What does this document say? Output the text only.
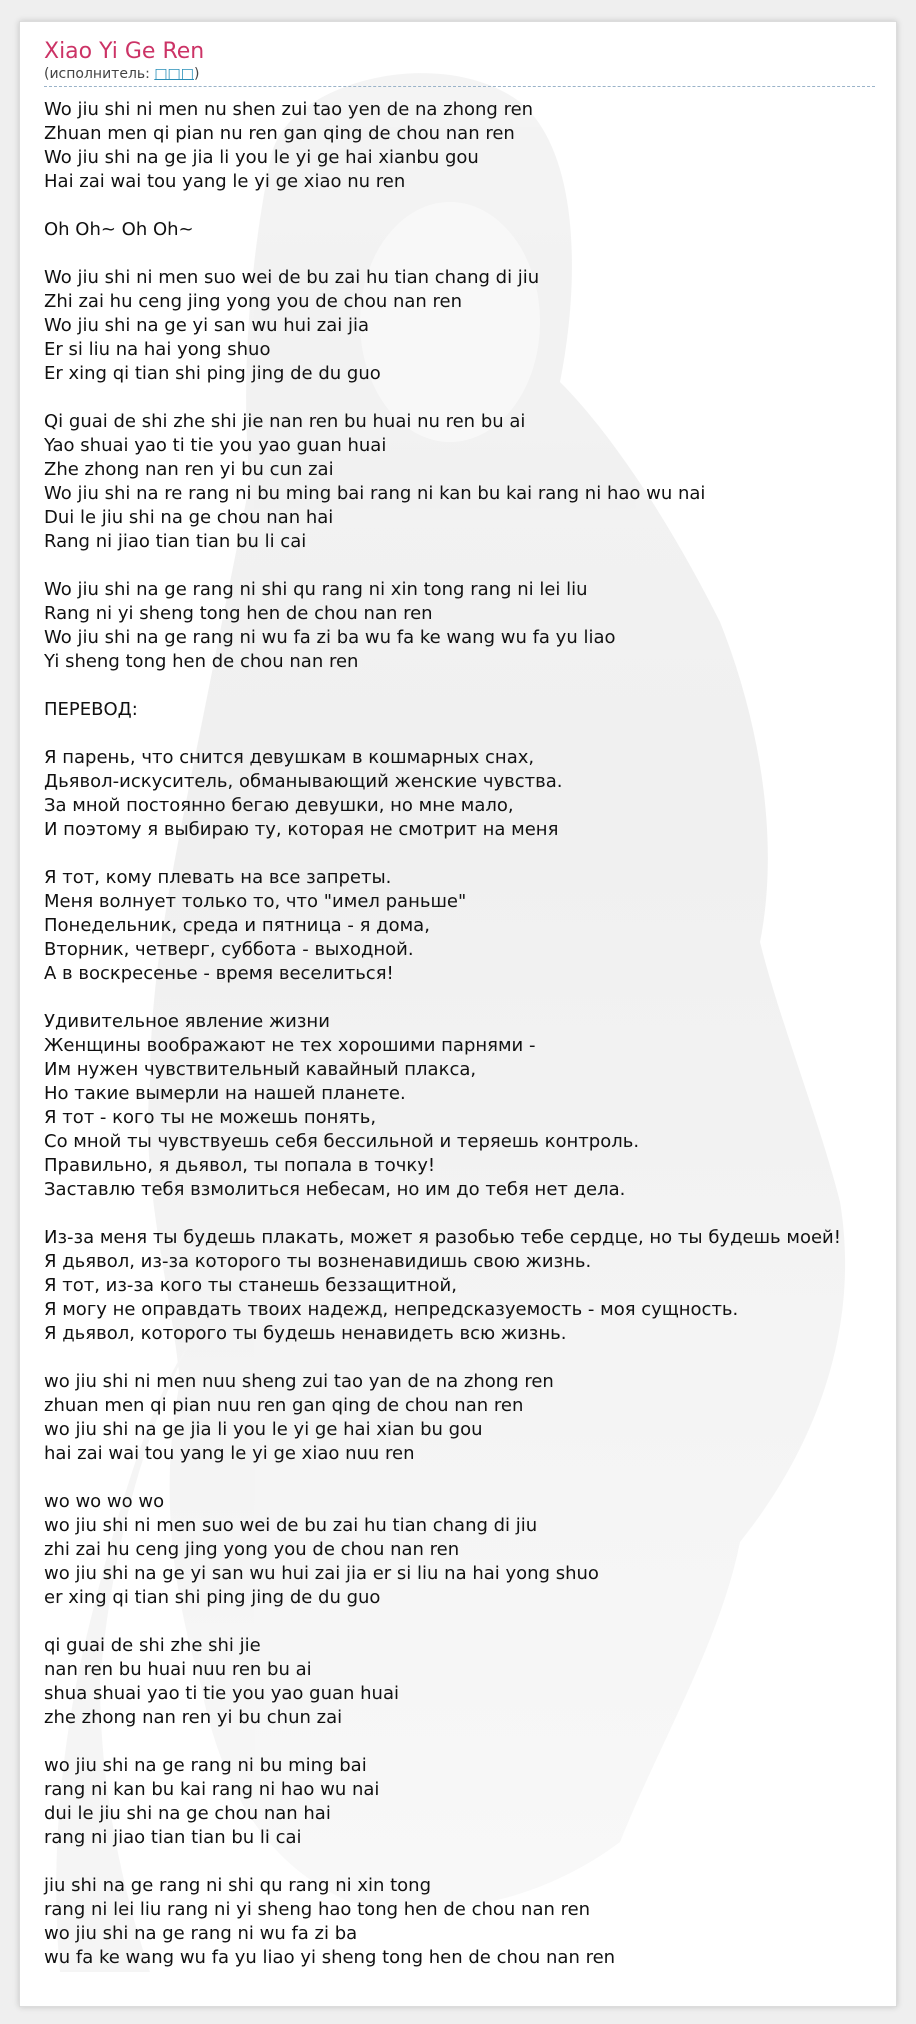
Xiao Yi Ge Ren
(исполнитель: □□□)
Wo jiu shi ni men nu shen zui tao yen de na zhong ren
Zhuan men qi pian nu ren gan qing de chou nan ren
Wo jiu shi na ge jia li you le yi ge hai xianbu gou
Hai zai wai tou yang le yi ge xiao nu ren

Oh Oh~ Oh Oh~

Wo jiu shi ni men suo wei de bu zai hu tian chang di jiu
Zhi zai hu ceng jing yong you de chou nan ren
Wo jiu shi na ge yi san wu hui zai jia
Er si liu na hai yong shuo
Er xing qi tian shi ping jing de du guo

Qi guai de shi zhe shi jie nan ren bu huai nu ren bu ai
Yao shuai yao ti tie you yao guan huai
Zhe zhong nan ren yi bu cun zai
Wo jiu shi na re rang ni bu ming bai rang ni kan bu kai rang ni hao wu nai
Dui le jiu shi na ge chou nan hai
Rang ni jiao tian tian bu li cai

Wo jiu shi na ge rang ni shi qu rang ni xin tong rang ni lei liu
Rang ni yi sheng tong hen de chou nan ren
Wo jiu shi na ge rang ni wu fa zi ba wu fa ke wang wu fa yu liao
Yi sheng tong hen de chou nan ren

ПЕРЕВОД:

Я парень, что снится девушкам в кошмарных снах,
Дьявол-искуситель, обманывающий женские чувства.
За мной постоянно бегаю девушки, но мне мало,
И поэтому я выбираю ту, которая не смотрит на меня

Я тот, кому плевать на все запреты.
Меня волнует только то, что "имел раньше"
Понедельник, среда и пятница - я дома,
Вторник, четверг, суббота - выходной.
А в воскресенье - время веселиться!

Удивительное явление жизни
Женщины воображают не тех хорошими парнями -
Им нужен чувствительный кавайный плакса,
Но такие вымерли на нашей планете.
Я тот - кого ты не можешь понять,
Со мной ты чувствуешь себя бессильной и теряешь контроль.
Правильно, я дьявол, ты попала в точку!
Заставлю тебя взмолиться небесам, но им до тебя нет дела.

Из-за меня ты будешь плакать, может я разобью тебе сердце, но ты будешь моей!
Я дьявол, из-за которого ты возненавидишь свою жизнь.
Я тот, из-за кого ты станешь беззащитной,
Я могу не оправдать твоих надежд, непредсказуемость - моя сущность.
Я дьявол, которого ты будешь ненавидеть всю жизнь.

wo jiu shi ni men nuu sheng zui tao yan de na zhong ren
zhuan men qi pian nuu ren gan qing de chou nan ren
wo jiu shi na ge jia li you le yi ge hai xian bu gou
hai zai wai tou yang le yi ge xiao nuu ren

wo wo wo wo
wo jiu shi ni men suo wei de bu zai hu tian chang di jiu
zhi zai hu ceng jing yong you de chou nan ren
wo jiu shi na ge yi san wu hui zai jia er si liu na hai yong shuo
er xing qi tian shi ping jing de du guo

qi guai de shi zhe shi jie
nan ren bu huai nuu ren bu ai
shua shuai yao ti tie you yao guan huai
zhe zhong nan ren yi bu chun zai

wo jiu shi na ge rang ni bu ming bai
rang ni kan bu kai rang ni hao wu nai
dui le jiu shi na ge chou nan hai
rang ni jiao tian tian bu li cai

jiu shi na ge rang ni shi qu rang ni xin tong
rang ni lei liu rang ni yi sheng hao tong hen de chou nan ren
wo jiu shi na ge rang ni wu fa zi ba
wu fa ke wang wu fa yu liao yi sheng tong hen de chou nan ren
